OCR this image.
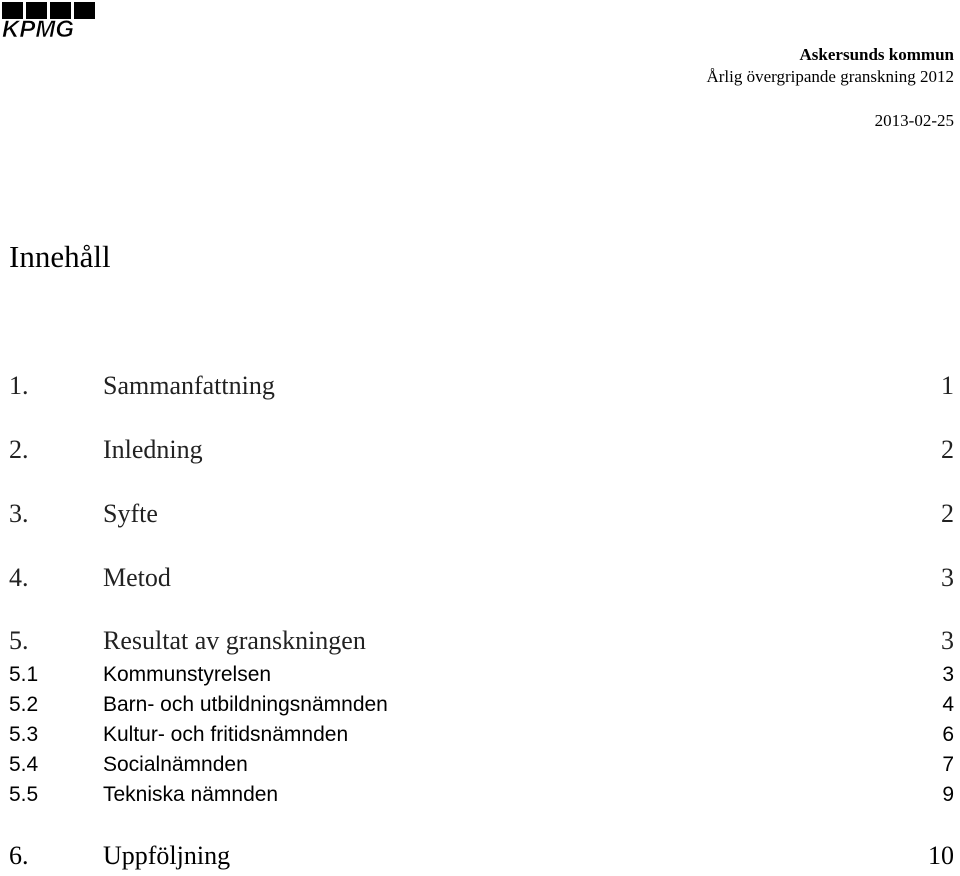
KPMG
Askersunds kommun
Årlig övergripande granskning 2012
2013-02-25
Innehåll
1.	Sammanfattning	1
2.	Inledning	2
3.	Syfte	2
4.	Metod	3
5.	Resultat av granskningen	3
5.1	Kommunstyrelsen	3
5.2	Barn- och utbildningsnämnden	4
5.3	Kultur- och fritidsnämnden	6
5.4	Socialnämnden	7
5.5	Tekniska nämnden	9
6.	Uppföljning	10
